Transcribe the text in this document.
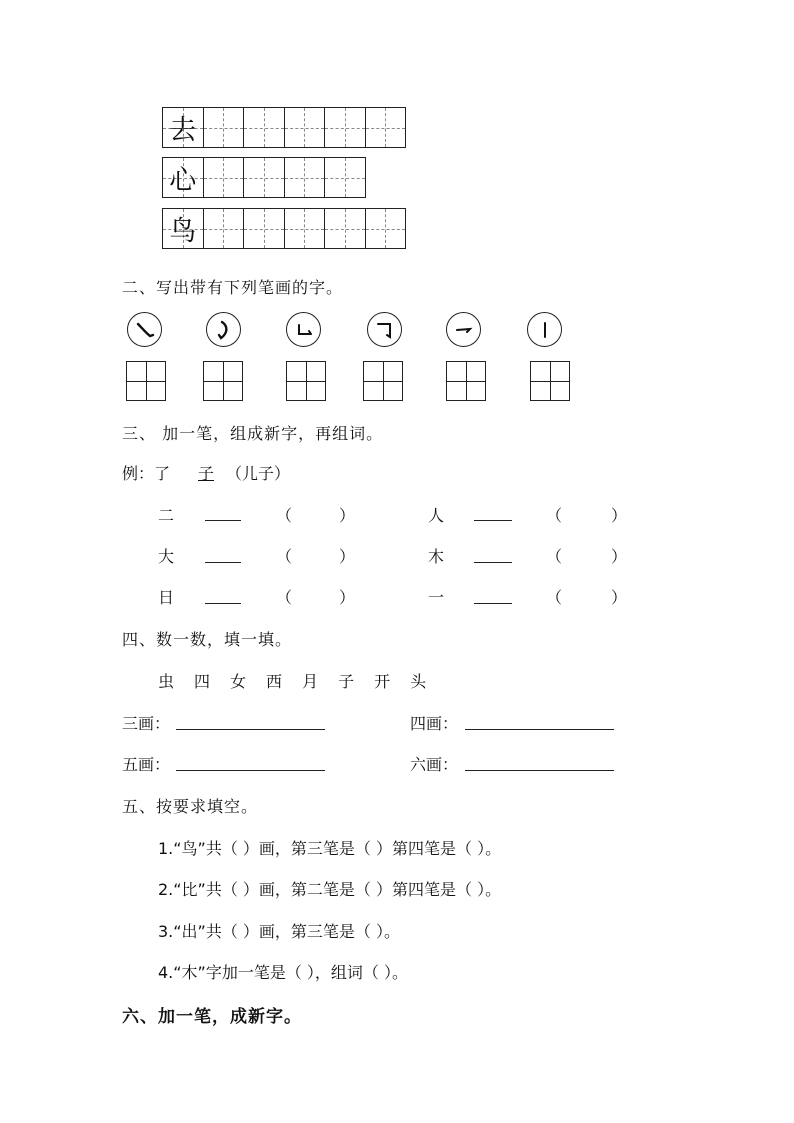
去
心
鸟
二、写出带有下列笔画的字。
三、 加一笔，组成新字，再组词。
例：了 子 （儿子）
二	（	）	人	（	）
大	（	）	木	（	）
日	（	）	一	（	）
四、数一数，填一填。
虫 四 女 西 月 子 开 头
三画：	四画：
五画：	六画：
五、按要求填空。
1.“鸟”共（ ）画，第三笔是（ ）第四笔是（ ）。
2.“比”共（ ）画，第二笔是（ ）第四笔是（ ）。
3.“出”共（ ）画，第三笔是（ ）。
4.“木”字加一笔是（ ），组词（ ）。
六、加一笔，成新字。
